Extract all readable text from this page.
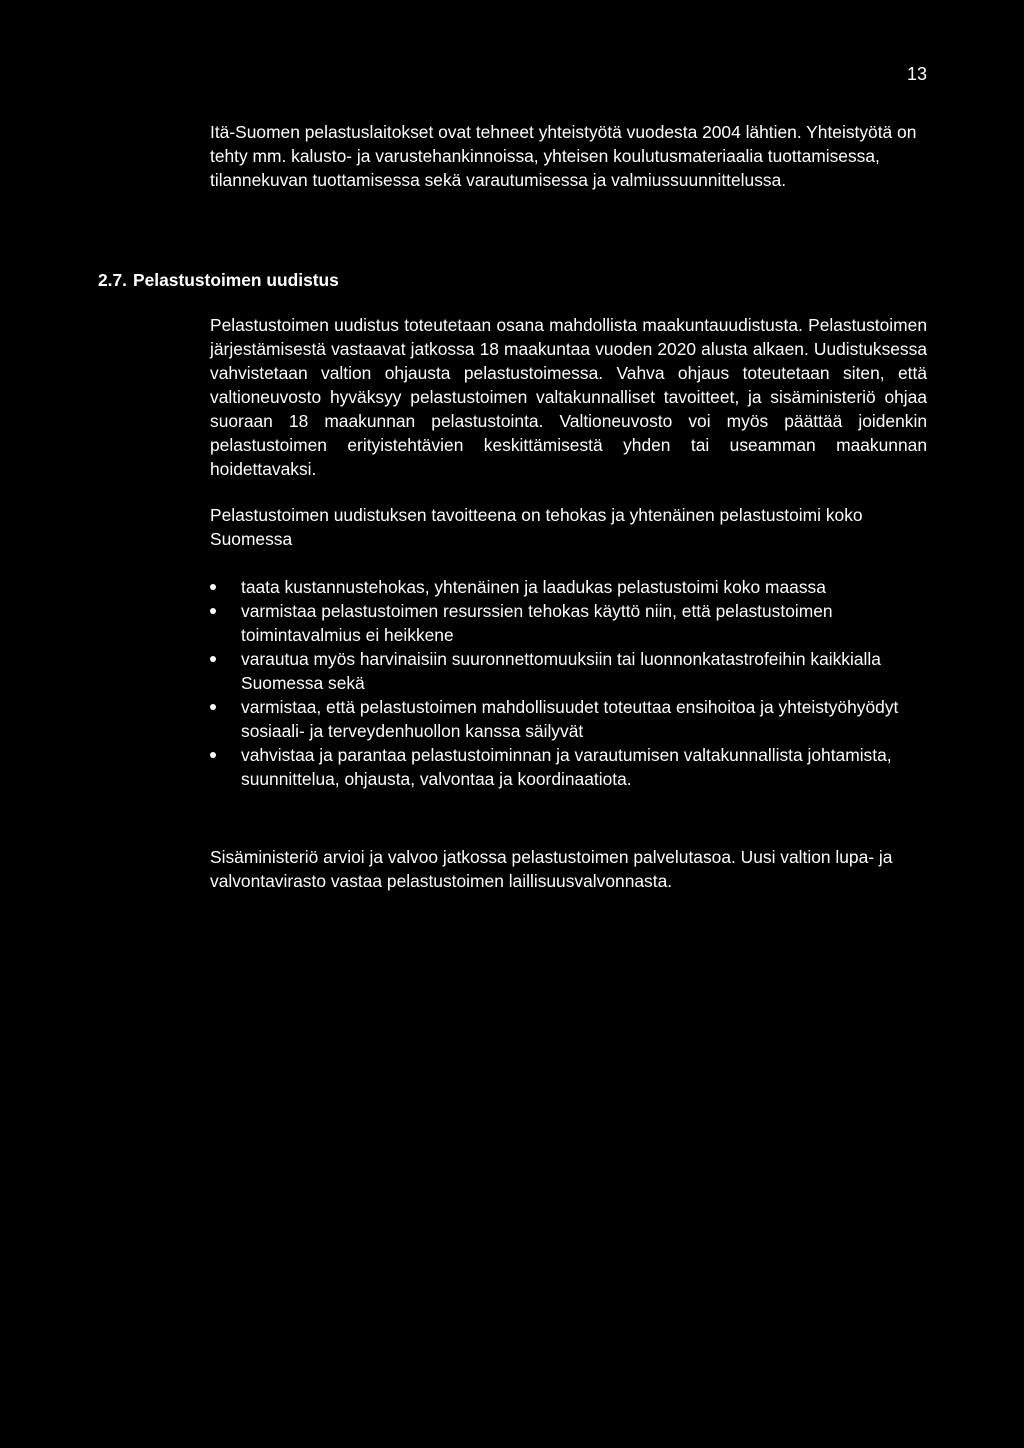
13

Itä-Suomen pelastuslaitokset ovat tehneet yhteistyötä vuodesta 2004 lähtien. Yhteistyötä on tehty mm. kalusto- ja varustehankinnoissa, yhteisen koulutusmateriaalia tuottamisessa, tilannekuvan tuottamisessa sekä varautumisessa ja valmiussuunnittelussa.

2.7. Pelastustoimen uudistus

Pelastustoimen uudistus toteutetaan osana mahdollista maakuntauudistusta. Pelastustoimen järjestämisestä vastaavat jatkossa 18 maakuntaa vuoden 2020 alusta alkaen. Uudistuksessa vahvistetaan valtion ohjausta pelastustoimessa. Vahva ohjaus toteutetaan siten, että valtioneuvosto hyväksyy pelastustoimen valtakunnalliset tavoitteet, ja sisäministeriö ohjaa suoraan 18 maakunnan pelastustointa. Valtioneuvosto voi myös päättää joidenkin pelastustoimen erityistehtävien keskittämisestä yhden tai useamman maakunnan hoidettavaksi.

Pelastustoimen uudistuksen tavoitteena on tehokas ja yhtenäinen pelastustoimi koko Suomessa

taata kustannustehokas, yhtenäinen ja laadukas pelastustoimi koko maassa
varmistaa pelastustoimen resurssien tehokas käyttö niin, että pelastustoimen toimintavalmius ei heikkene
varautua myös harvinaisiin suuronnettomuuksiin tai luonnonkatastrofeihin kaikkialla Suomessa sekä
varmistaa, että pelastustoimen mahdollisuudet toteuttaa ensihoitoa ja yhteistyöhyödyt sosiaali- ja terveydenhuollon kanssa säilyvät
vahvistaa ja parantaa pelastustoiminnan ja varautumisen valtakunnallista johtamista, suunnittelua, ohjausta, valvontaa ja koordinaatiota.

Sisäministeriö arvioi ja valvoo jatkossa pelastustoimen palvelutasoa. Uusi valtion lupa- ja valvontavirasto vastaa pelastustoimen laillisuusvalvonnasta.
